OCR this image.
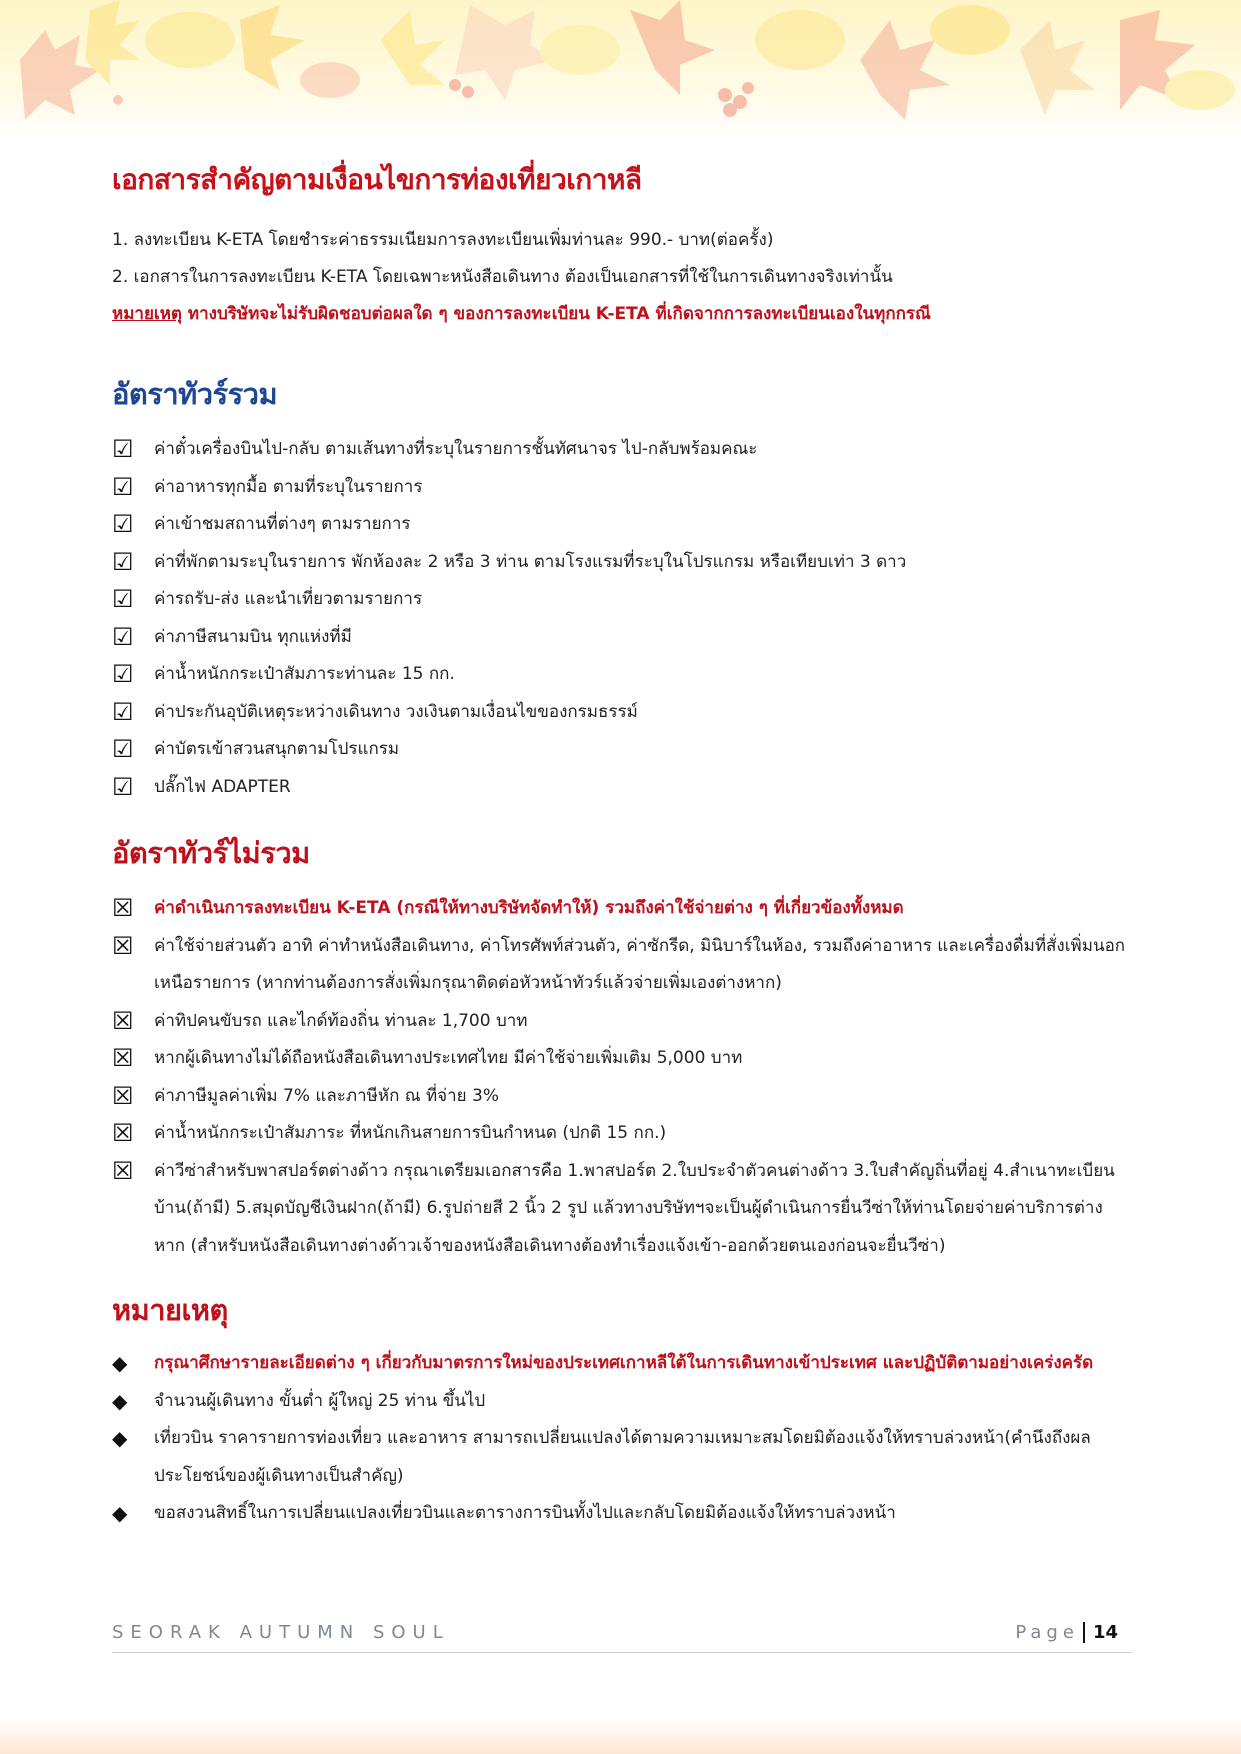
เอกสารสำคัญตามเงื่อนไขการท่องเที่ยวเกาหลี

1. ลงทะเบียน K-ETA โดยชำระค่าธรรมเนียมการลงทะเบียนเพิ่มท่านละ 990.- บาท(ต่อครั้ง)

2. เอกสารในการลงทะเบียน K-ETA โดยเฉพาะหนังสือเดินทาง ต้องเป็นเอกสารที่ใช้ในการเดินทางจริงเท่านั้น

หมายเหตุ ทางบริษัทจะไม่รับผิดชอบต่อผลใด ๆ ของการลงทะเบียน K-ETA ที่เกิดจากการลงทะเบียนเองในทุกกรณี

อัตราทัวร์รวม
☑	ค่าตั๋วเครื่องบินไป-กลับ ตามเส้นทางที่ระบุในรายการชั้นทัศนาจร ไป-กลับพร้อมคณะ
☑	ค่าอาหารทุกมื้อ ตามที่ระบุในรายการ
☑	ค่าเข้าชมสถานที่ต่างๆ ตามรายการ
☑	ค่าที่พักตามระบุในรายการ พักห้องละ 2 หรือ 3 ท่าน ตามโรงแรมที่ระบุในโปรแกรม หรือเทียบเท่า 3 ดาว
☑	ค่ารถรับ-ส่ง และนำเที่ยวตามรายการ
☑	ค่าภาษีสนามบิน ทุกแห่งที่มี
☑	ค่าน้ำหนักกระเป๋าสัมภาระท่านละ 15 กก.
☑	ค่าประกันอุบัติเหตุระหว่างเดินทาง วงเงินตามเงื่อนไขของกรมธรรม์
☑	ค่าบัตรเข้าสวนสนุกตามโปรแกรม
☑	ปลั๊กไฟ ADAPTER
อัตราทัวร์ไม่รวม
☒	ค่าดำเนินการลงทะเบียน K-ETA (กรณีให้ทางบริษัทจัดทำให้) รวมถึงค่าใช้จ่ายต่าง ๆ ที่เกี่ยวข้องทั้งหมด
☒	ค่าใช้จ่ายส่วนตัว อาทิ ค่าทำหนังสือเดินทาง, ค่าโทรศัพท์ส่วนตัว, ค่าซักรีด, มินิบาร์ในห้อง, รวมถึงค่าอาหาร และเครื่องดื่มที่สั่งเพิ่มนอกเหนือรายการ (หากท่านต้องการสั่งเพิ่มกรุณาติดต่อหัวหน้าทัวร์แล้วจ่ายเพิ่มเองต่างหาก)
☒	ค่าทิปคนขับรถ และไกด์ท้องถิ่น ท่านละ 1,700 บาท
☒	หากผู้เดินทางไม่ได้ถือหนังสือเดินทางประเทศไทย มีค่าใช้จ่ายเพิ่มเติม 5,000 บาท
☒	ค่าภาษีมูลค่าเพิ่ม 7% และภาษีหัก ณ ที่จ่าย 3%
☒	ค่าน้ำหนักกระเป๋าสัมภาระ ที่หนักเกินสายการบินกำหนด (ปกติ 15 กก.)
☒	ค่าวีซ่าสำหรับพาสปอร์ตต่างด้าว กรุณาเตรียมเอกสารคือ 1.พาสปอร์ต 2.ใบประจำตัวคนต่างด้าว 3.ใบสำคัญถิ่นที่อยู่ 4.สำเนาทะเบียนบ้าน(ถ้ามี) 5.สมุดบัญชีเงินฝาก(ถ้ามี) 6.รูปถ่ายสี 2 นิ้ว 2 รูป แล้วทางบริษัทฯจะเป็นผู้ดำเนินการยื่นวีซ่าให้ท่านโดยจ่ายค่าบริการต่างหาก (สำหรับหนังสือเดินทางต่างด้าวเจ้าของหนังสือเดินทางต้องทำเรื่องแจ้งเข้า-ออกด้วยตนเองก่อนจะยื่นวีซ่า)
หมายเหตุ
◆	กรุณาศึกษารายละเอียดต่าง ๆ เกี่ยวกับมาตรการใหม่ของประเทศเกาหลีใต้ในการเดินทางเข้าประเทศ และปฏิบัติตามอย่างเคร่งครัด
◆	จำนวนผู้เดินทาง ขั้นต่ำ ผู้ใหญ่ 25 ท่าน ขึ้นไป
◆	เที่ยวบิน ราคารายการท่องเที่ยว และอาหาร สามารถเปลี่ยนแปลงได้ตามความเหมาะสมโดยมิต้องแจ้งให้ทราบล่วงหน้า(คำนึงถึงผลประโยชน์ของผู้เดินทางเป็นสำคัญ)
◆	ขอสงวนสิทธิ์ในการเปลี่ยนแปลงเที่ยวบินและตารางการบินทั้งไปและกลับโดยมิต้องแจ้งให้ทราบล่วงหน้า
SEORAK AUTUMN SOUL	Page 14
